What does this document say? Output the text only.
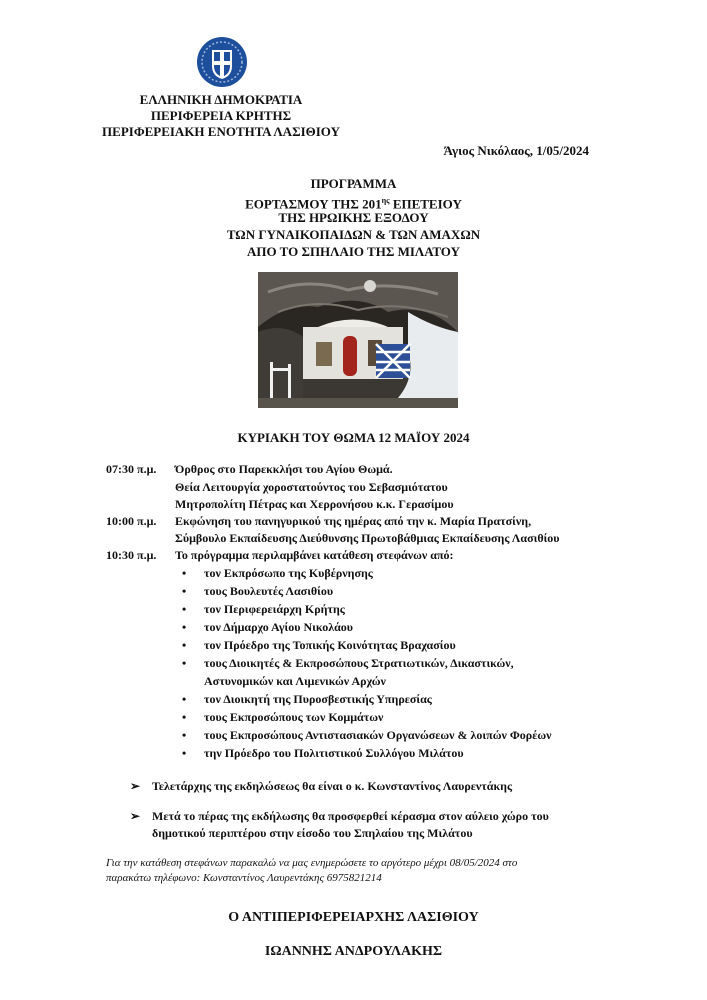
ΕΛΛΗΝΙΚΗ ΔΗΜΟΚΡΑΤΙΑ
ΠΕΡΙΦΕΡΕΙΑ ΚΡΗΤΗΣ
ΠΕΡΙΦΕΡΕΙΑΚΗ ΕΝΟΤΗΤΑ ΛΑΣΙΘΙΟΥ
Άγιος Νικόλαος, 1/05/2024
ΠΡΟΓΡΑΜΜΑ
ΕΟΡΤΑΣΜΟΥ ΤΗΣ $201^{\eta\varsigma}$ ΕΠΕΤΕΙΟΥ
ΤΗΣ ΗΡΩΙΚΗΣ ΕΞΟΔΟΥ
ΤΩΝ ΓΥΝΑΙΚΟΠΑΙΔΩΝ & ΤΩΝ ΑΜΑΧΩΝ
ΑΠΟ ΤΟ ΣΠΗΛΑΙΟ ΤΗΣ ΜΙΛΑΤΟΥ
ΚΥΡΙΑΚΗ ΤΟΥ ΘΩΜΑ 12 ΜΑΪΟΥ 2024
07:30 π.μ. Όρθρος στο Παρεκκλήσι του Αγίου Θωμά.
Θεία Λειτουργία χοροστατούντος του Σεβασμιότατου
Μητροπολίτη Πέτρας και Χερρονήσου κ.κ. Γερασίμου
10:00 π.μ. Εκφώνηση του πανηγυρικού της ημέρας από την κ. Μαρία Πρατσίνη,
Σύμβουλο Εκπαίδευσης Διεύθυνσης Πρωτοβάθμιας Εκπαίδευσης Λασιθίου
10:30 π.μ. Το πρόγραμμα περιλαμβάνει κατάθεση στεφάνων από:
• τον Εκπρόσωπο της Κυβέρνησης
• τους Βουλευτές Λασιθίου
• τον Περιφερειάρχη Κρήτης
• τον Δήμαρχο Αγίου Νικολάου
• τον Πρόεδρο της Τοπικής Κοινότητας Βραχασίου
• τους Διοικητές & Εκπροσώπους Στρατιωτικών, Δικαστικών,
Αστυνομικών και Λιμενικών Αρχών
• τον Διοικητή της Πυροσβεστικής Υπηρεσίας
• τους Εκπροσώπους των Κομμάτων
• τους Εκπροσώπους Αντιστασιακών Οργανώσεων & λοιπών Φορέων
• την Πρόεδρο του Πολιτιστικού Συλλόγου Μιλάτου
➢ Τελετάρχης της εκδηλώσεως θα είναι ο κ. Κωνσταντίνος Λαυρεντάκης
➢ Μετά το πέρας της εκδήλωσης θα προσφερθεί κέρασμα στον αύλειο χώρο του
δημοτικού περιπτέρου στην είσοδο του Σπηλαίου της Μιλάτου
Για την κατάθεση στεφάνων παρακαλώ να μας ενημερώσετε το αργότερο μέχρι 08/05/2024 στο
παρακάτω τηλέφωνο: Κωνσταντίνος Λαυρεντάκης 6975821214
Ο ΑΝΤΙΠΕΡΙΦΕΡΕΙΑΡΧΗΣ ΛΑΣΙΘΙΟΥ
ΙΩΑΝΝΗΣ ΑΝΔΡΟΥΛΑΚΗΣ
